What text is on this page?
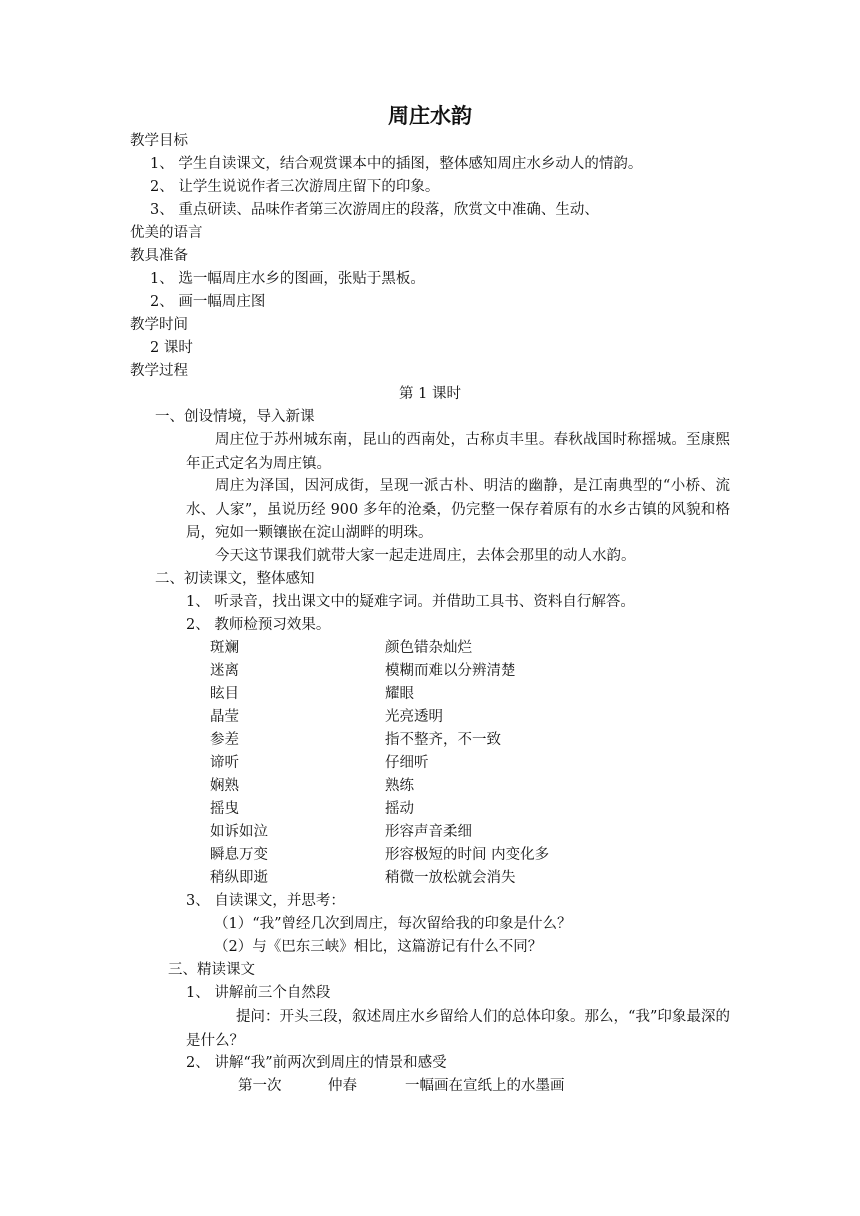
周庄水韵
教学目标
1、 学生自读课文，结合观赏课本中的插图，整体感知周庄水乡动人的情韵。
2、 让学生说说作者三次游周庄留下的印象。
3、 重点研读、品味作者第三次游周庄的段落，欣赏文中准确、生动、
优美的语言
教具准备
1、 选一幅周庄水乡的图画，张贴于黑板。
2、 画一幅周庄图
教学时间
2 课时
教学过程
第 1 课时
一、创设情境，导入新课
周庄位于苏州城东南，昆山的西南处，古称贞丰里。春秋战国时称摇城。至康熙年正式定名为周庄镇。
周庄为泽国，因河成街，呈现一派古朴、明洁的幽静，是江南典型的“小桥、流水、人家”，虽说历经 900 多年的沧桑，仍完整一保存着原有的水乡古镇的风貌和格局，宛如一颗镶嵌在淀山湖畔的明珠。
今天这节课我们就带大家一起走进周庄，去体会那里的动人水韵。
二、初读课文，整体感知
1、 听录音，找出课文中的疑难字词。并借助工具书、资料自行解答。
2、 教师检预习效果。
斑斓	颜色错杂灿烂
迷离	模糊而难以分辨清楚
眩目	耀眼
晶莹	光亮透明
参差	指不整齐，不一致
谛听	仔细听
娴熟	熟练
摇曳	摇动
如诉如泣	形容声音柔细
瞬息万变	形容极短的时间 内变化多
稍纵即逝	稍微一放松就会消失
3、 自读课文，并思考：
（1）“我”曾经几次到周庄，每次留给我的印象是什么？
（2）与《巴东三峡》相比，这篇游记有什么不同？
三、精读课文
1、 讲解前三个自然段
提问：开头三段，叙述周庄水乡留给人们的总体印象。那么，“我”印象最深的是什么？
2、 讲解“我”前两次到周庄的情景和感受
第一次	仲春	一幅画在宣纸上的水墨画
